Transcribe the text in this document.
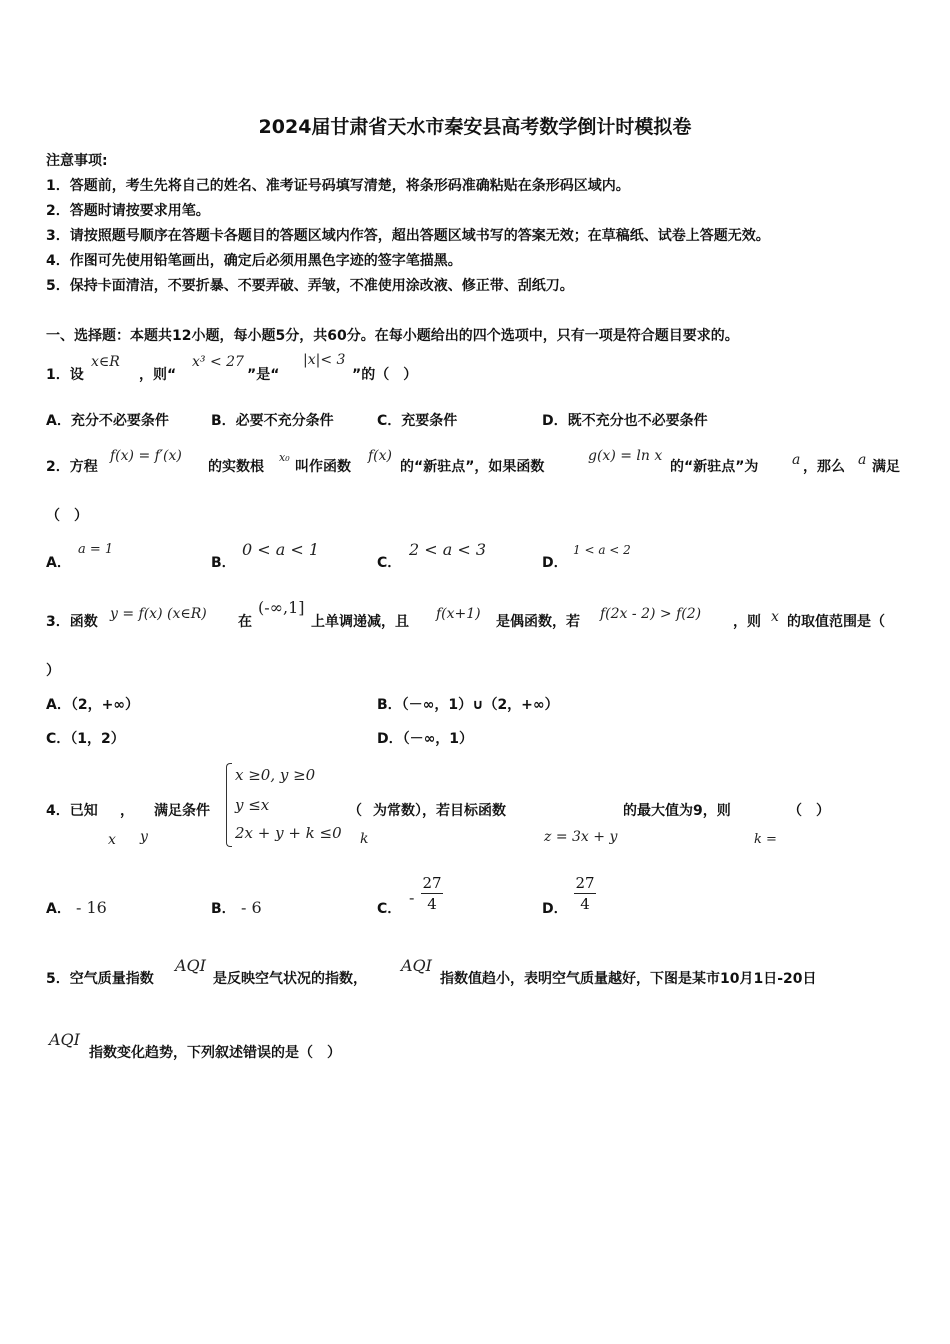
2024届甘肃省天水市秦安县高考数学倒计时模拟卷
注意事项:
1．答题前，考生先将自己的姓名、准考证号码填写清楚，将条形码准确粘贴在条形码区域内。
2．答题时请按要求用笔。
3．请按照题号顺序在答题卡各题目的答题区域内作答，超出答题区域书写的答案无效；在草稿纸、试卷上答题无效。
4．作图可先使用铅笔画出，确定后必须用黑色字迹的签字笔描黑。
5．保持卡面清洁，不要折暴、不要弄破、弄皱，不准使用涂改液、修正带、刮纸刀。
一、选择题：本题共12小题，每小题5分，共60分。在每小题给出的四个选项中，只有一项是符合题目要求的。
1．设
x∈R
，则“
x³ < 27
”是“
|x|< 3
”的（　）
A．充分不必要条件	B．必要不充分条件	C．充要条件	D．既不充分也不必要条件
2．方程
f(x) = f′(x)
的实数根
x₀
叫作函数
f(x)
的“新驻点”，如果函数
g(x) = ln x
的“新驻点”为 a ，那么 a 满足
（　）
A．
a = 1
B．
0 < a < 1
C．
2 < a < 3
D．
1 < a < 2
3．函数 y = f(x) (x∈R) 在
(-∞,1]
上单调递减，且 f(x+1) 是偶函数，若 f(2x - 2) > f(2) ，则 x 的取值范围是（
）
A．（2，+∞）	B．（－∞，1）∪（2，+∞）
C．（1，2）	D．（－∞，1）
4．已知 ， 满足条件
x y
x ≥0, y ≥0
y ≤x
2x + y + k ≤0
（
k
为常数），若目标函数
z = 3x + y
的最大值为9，则
k =
（　）
A． - 16	B． - 6	C．
-
27
4	D．
27
4
5．空气质量指数
AQI
是反映空气状况的指数，
AQI
指数值趋小，表明空气质量越好，下图是某市10月1日-20日
AQI
指数变化趋势，下列叙述错误的是（　）
